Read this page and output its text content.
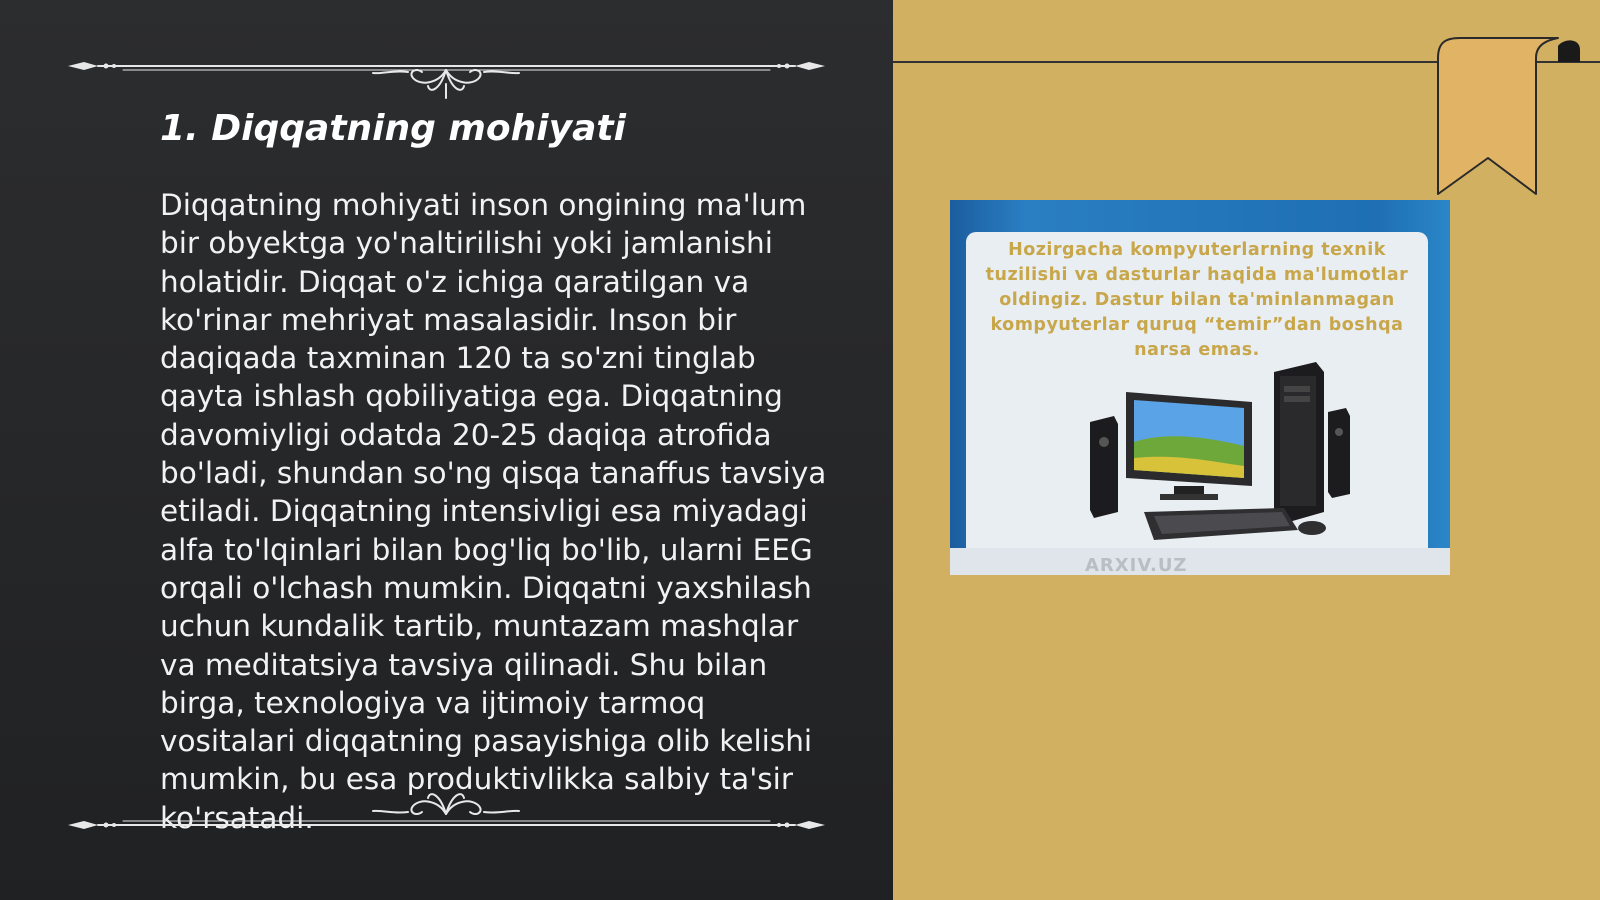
1. Diqqatning mohiyati

Diqqatning mohiyati inson ongining ma'lum bir obyektga yo'naltirilishi yoki jamlanishi holatidir. Diqqat o'z ichiga qaratilgan va ko'rinar mehriyat masalasidir. Inson bir daqiqada taxminan 120 ta so'zni tinglab qayta ishlash qobiliyatiga ega. Diqqatning davomiyligi odatda 20-25 daqiqa atrofida bo'ladi, shundan so'ng qisqa tanaffus tavsiya etiladi. Diqqatning intensivligi esa miyadagi alfa to'lqinlari bilan bog'liq bo'lib, ularni EEG orqali o'lchash mumkin. Diqqatni yaxshilash uchun kundalik tartib, muntazam mashqlar va meditatsiya tavsiya qilinadi. Shu bilan birga, texnologiya va ijtimoiy tarmoq vositalari diqqatning pasayishiga olib kelishi mumkin, bu esa produktivlikka salbiy ta'sir ko'rsatadi.

Hozirgacha kompyuterlarning texnik tuzilishi va dasturlar haqida ma'lumotlar oldingiz. Dastur bilan ta'minlanmagan kompyuterlar quruq “temir”dan boshqa narsa emas.

ARXIV.UZ
